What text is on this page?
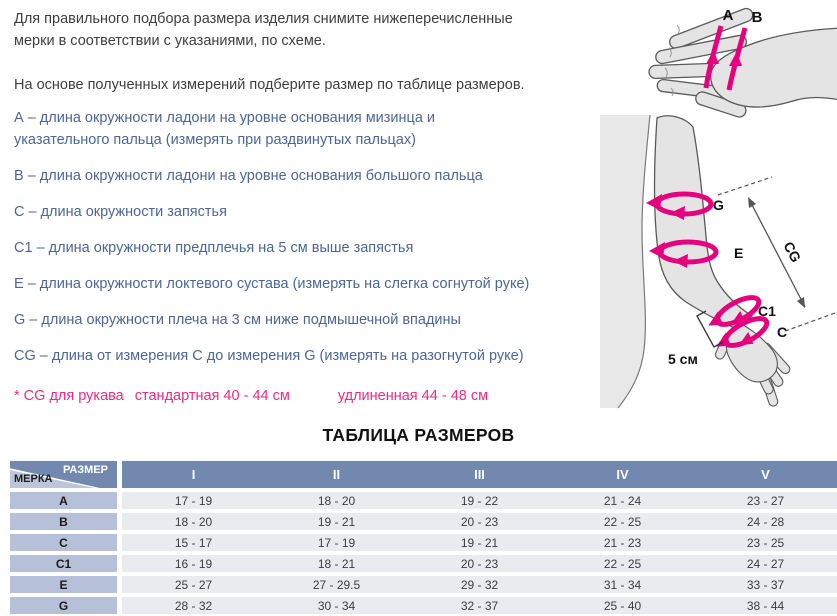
Для правильного подбора размера изделия снимите нижеперечисленные мерки в соответствии с указаниями, по схеме.
На основе полученных измерений подберите размер по таблице размеров.
А – длина окружности ладони на уровне основания мизинца и указательного пальца (измерять при раздвинутых пальцах)
В – длина окружности ладони на уровне основания большого пальца
С – длина окружности запястья
С1 – длина окружности предплечья на 5 см выше запястья
Е – длина окружности локтевого сустава (измерять на слегка согнутой руке)
G – длина окружности плеча на 3 см ниже подмышечной впадины
CG – длина от измерения С до измерения G (измерять на разогнутой руке)
* CG для рукава стандартная 40 - 44 см	удлиненная 44 - 48 см
ТАБЛИЦА РАЗМЕРОВ
РАЗМЕР
МЕРКА	I	II	III	IV	V
А	17 - 19	18 - 20	19 - 22	21 - 24	23 - 27
В	18 - 20	19 - 21	20 - 23	22 - 25	24 - 28
С	15 - 17	17 - 19	19 - 21	21 - 23	23 - 25
С1	16 - 19	18 - 21	20 - 23	22 - 25	24 - 27
Е	25 - 27	27 - 29.5	29 - 32	31 - 34	33 - 37
G	28 - 32	30 - 34	32 - 37	25 - 40	38 - 44
А B
G
Е
С1
С
CG
5 см
